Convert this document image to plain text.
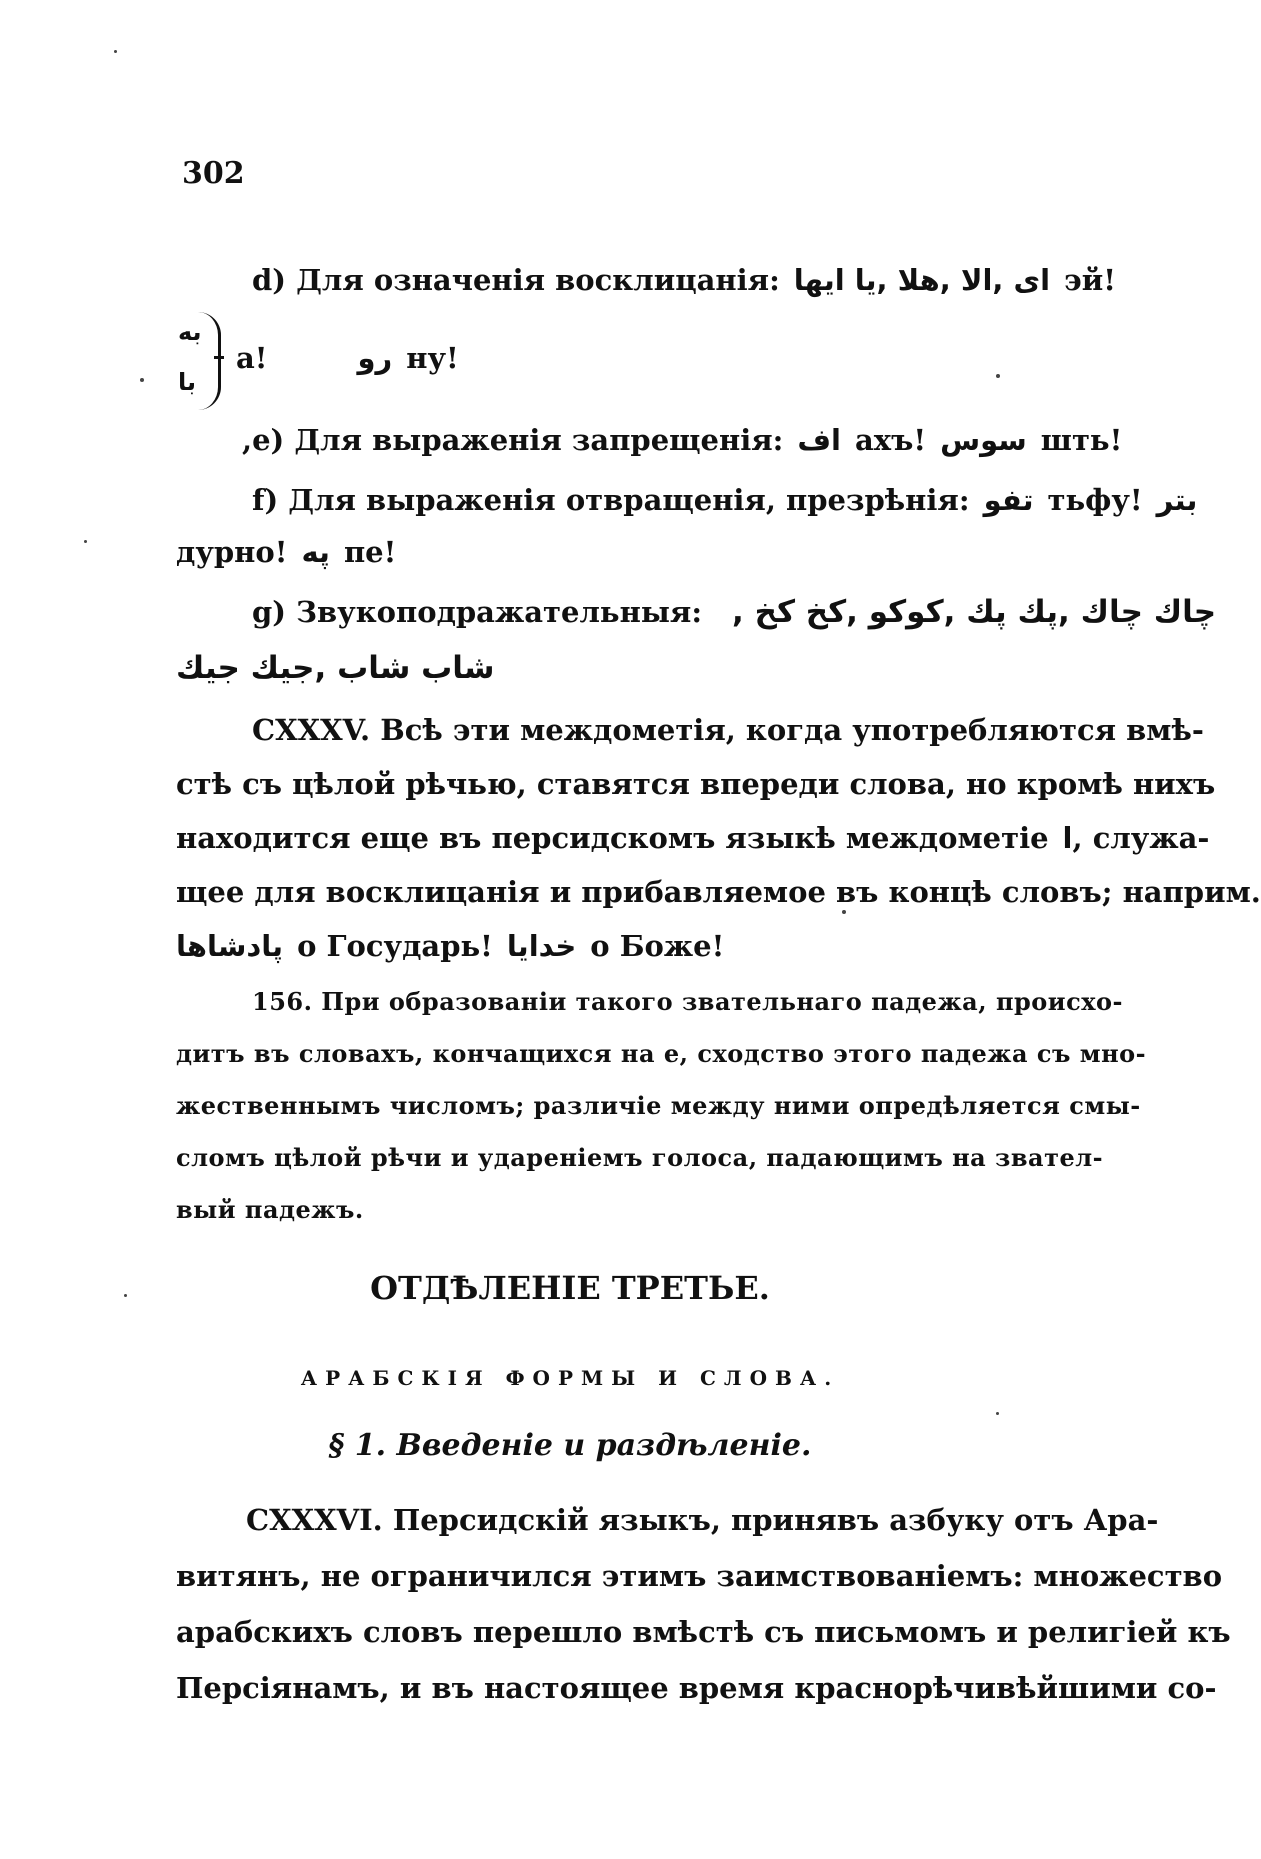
302
d) Для означенія восклицанія: ای ,الا ,هلا ,یا ایها эй!
به
با
а!	رو ну!
,е) Для выраженія запрещенія: اف ахъ! سوس шть!
f) Для выраженія отвращенія, презрѣнія: تفو тьфу! بتر
дурно! په пе!
g) Звукоподражательныя: چاك چاك ,پك پك ,كوكو ,كخ كخ ,
شاب شاب ,جيك جيك
CXXXV. Всѣ эти междометія, когда употребляются вмѣ-
стѣ съ цѣлой рѣчью, ставятся впереди слова, но кромѣ нихъ
находится еще въ персидскомъ языкѣ междометіе ا, служа-
щее для восклицанія и прибавляемое въ концѣ словъ; наприм.
پادشاها о Государь! خدايا о Боже!
156. При образованіи такого звательнаго падежа, происхо-
дитъ въ словахъ, кончащихся на е, сходство этого падежа съ мно-
жественнымъ числомъ; различіе между ними опредѣляется смы-
сломъ цѣлой рѣчи и удареніемъ голоса, падающимъ на звател-
вый падежъ.
ОТДѢЛЕНІЕ ТРЕТЬЕ.
АРАБСКІЯ ФОРМЫ И СЛОВА.
§ 1. Введеніе и раздѣленіе.
CXXXVI. Персидскій языкъ, принявъ азбуку отъ Ара-
витянъ, не ограничился этимъ заимствованіемъ: множество
арабскихъ словъ перешло вмѣстѣ съ письмомъ и религіей къ
Персіянамъ, и въ настоящее время краснорѣчивѣйшими со-
